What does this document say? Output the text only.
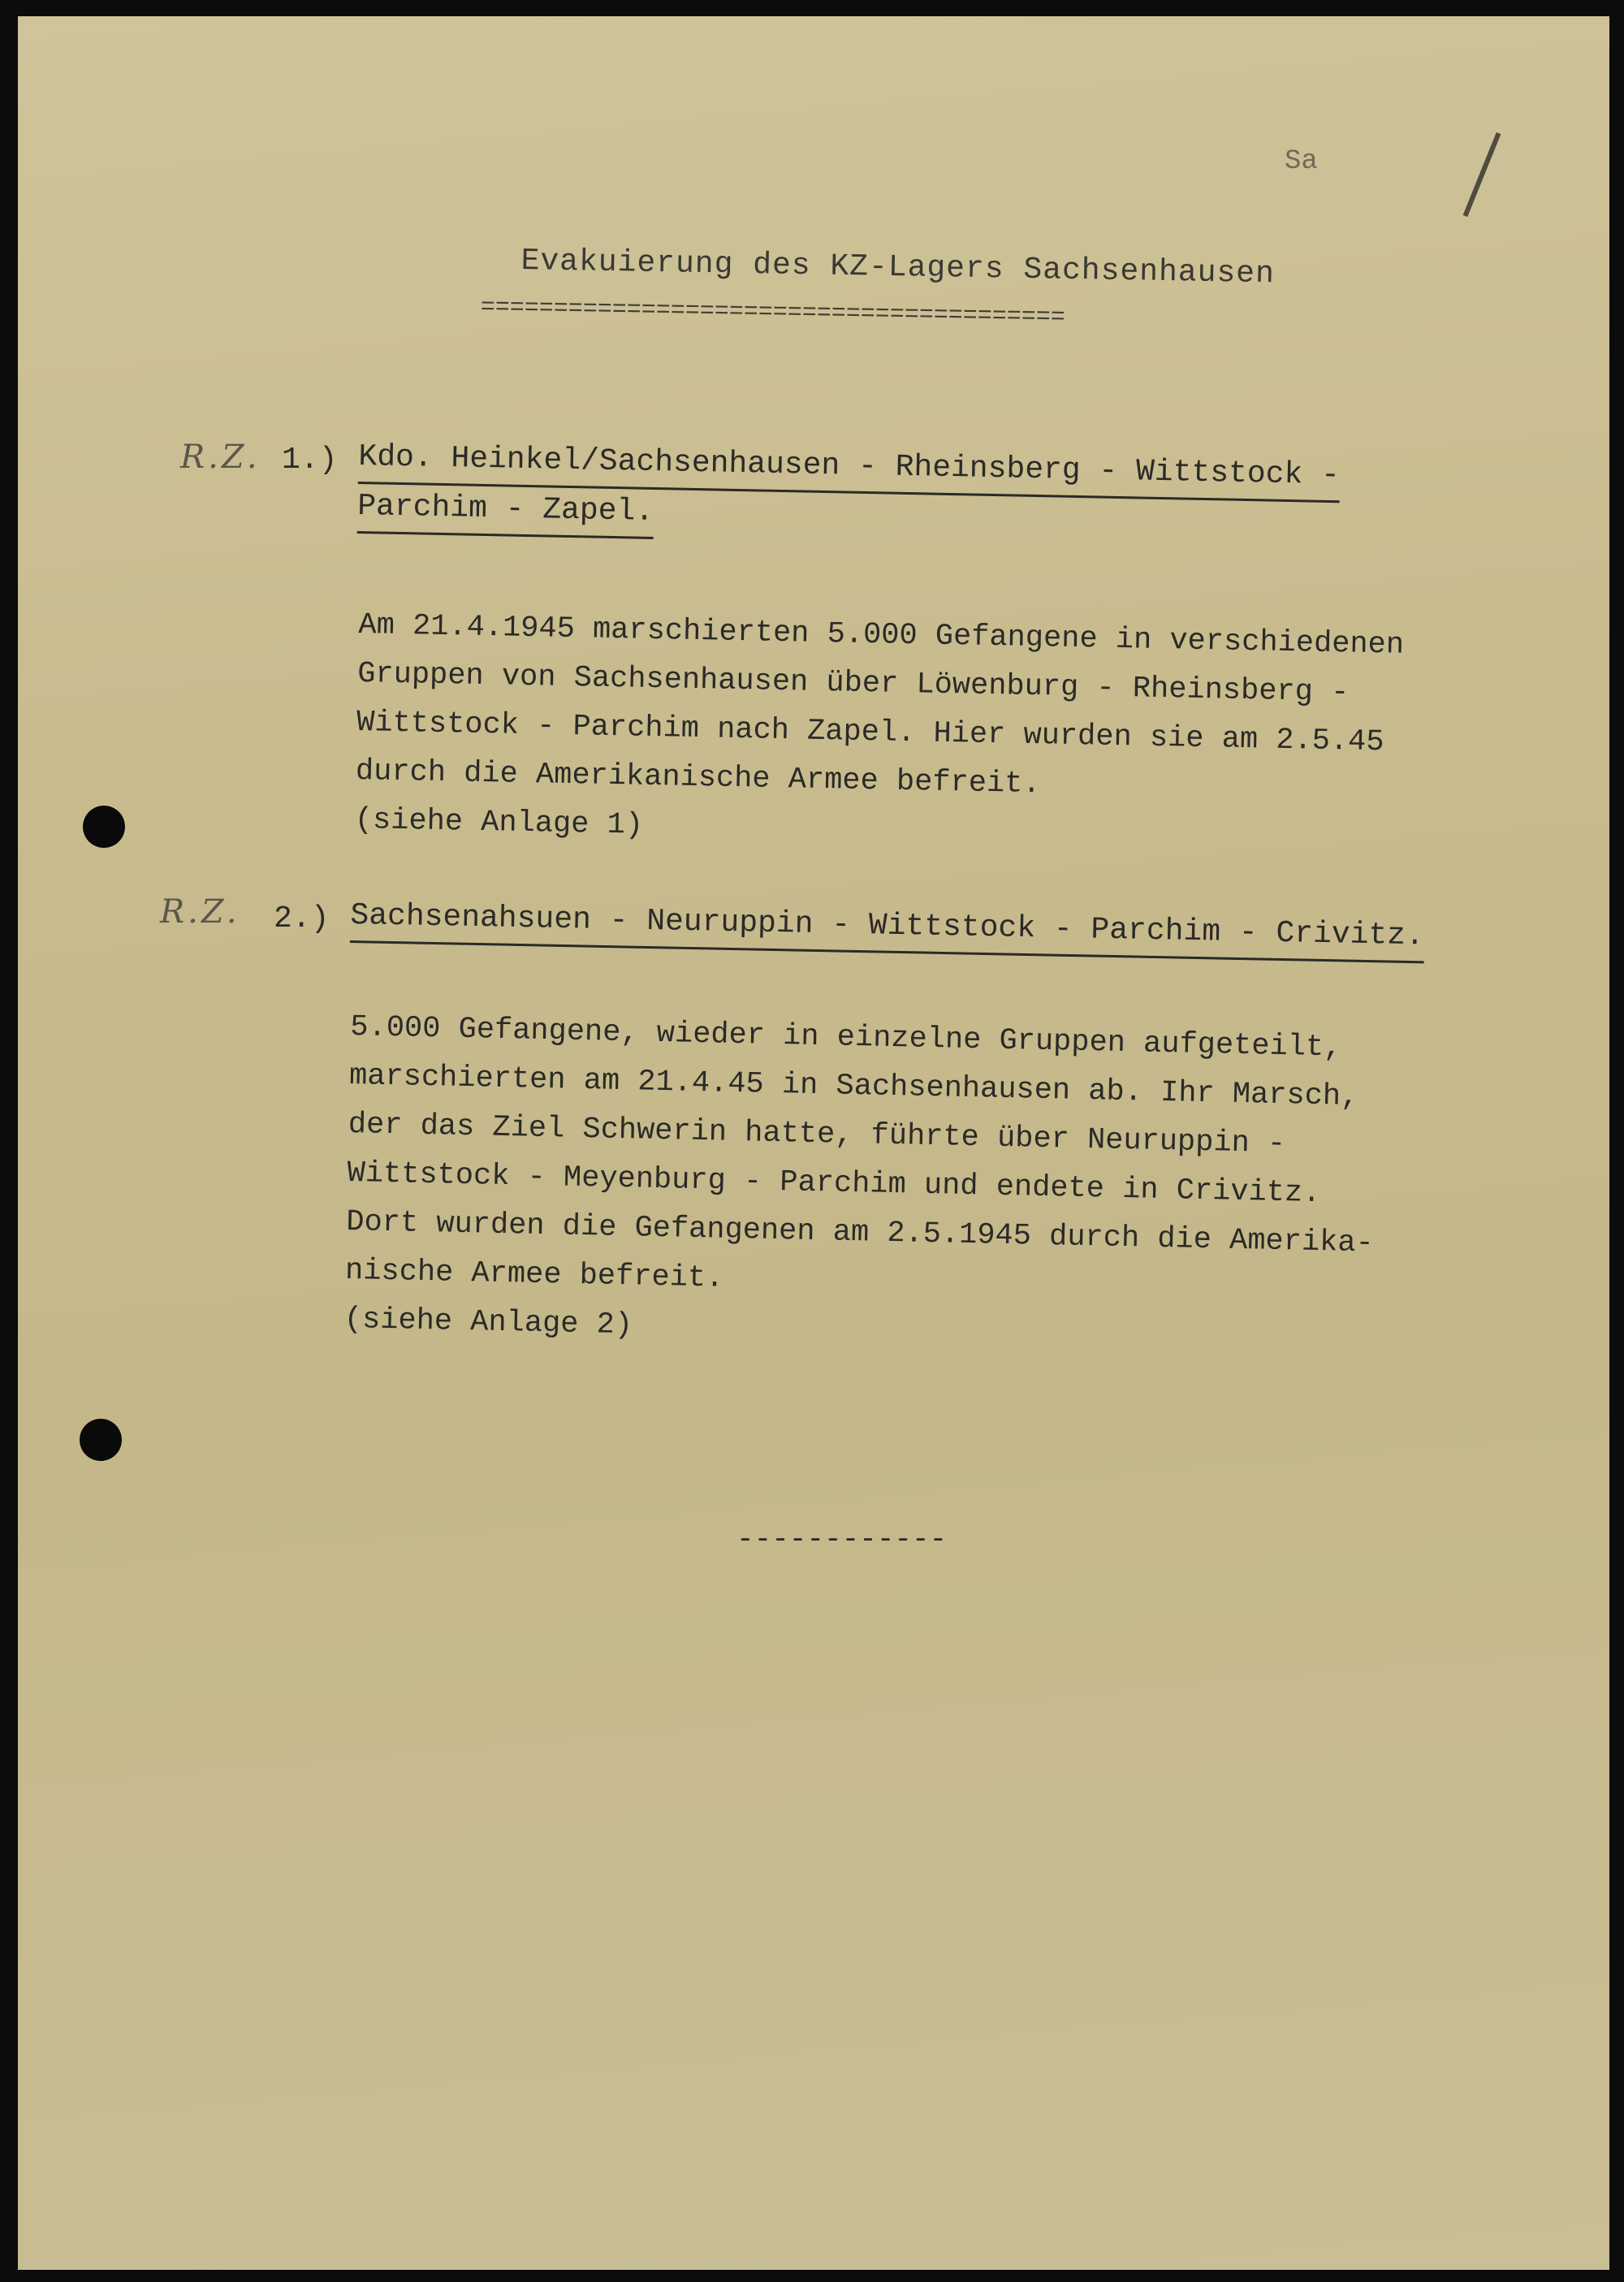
Sa
Evakuierung des KZ-Lagers Sachsenhausen
========================================
R.Z. 1.) Kdo. Heinkel/Sachsenhausen - Rheinsberg - Wittstock -
Parchim - Zapel.
Am 21.4.1945 marschierten 5.000 Gefangene in verschiedenen
Gruppen von Sachsenhausen über Löwenburg - Rheinsberg -
Wittstock - Parchim nach Zapel. Hier wurden sie am 2.5.45
durch die Amerikanische Armee befreit.
(siehe Anlage 1)
R.Z. 2.) Sachsenahsuen - Neuruppin - Wittstock - Parchim - Crivitz.
5.000 Gefangene, wieder in einzelne Gruppen aufgeteilt,
marschierten am 21.4.45 in Sachsenhausen ab. Ihr Marsch,
der das Ziel Schwerin hatte, führte über Neuruppin -
Wittstock - Meyenburg - Parchim und endete in Crivitz.
Dort wurden die Gefangenen am 2.5.1945 durch die Amerika-
nische Armee befreit.
(siehe Anlage 2)
------------
